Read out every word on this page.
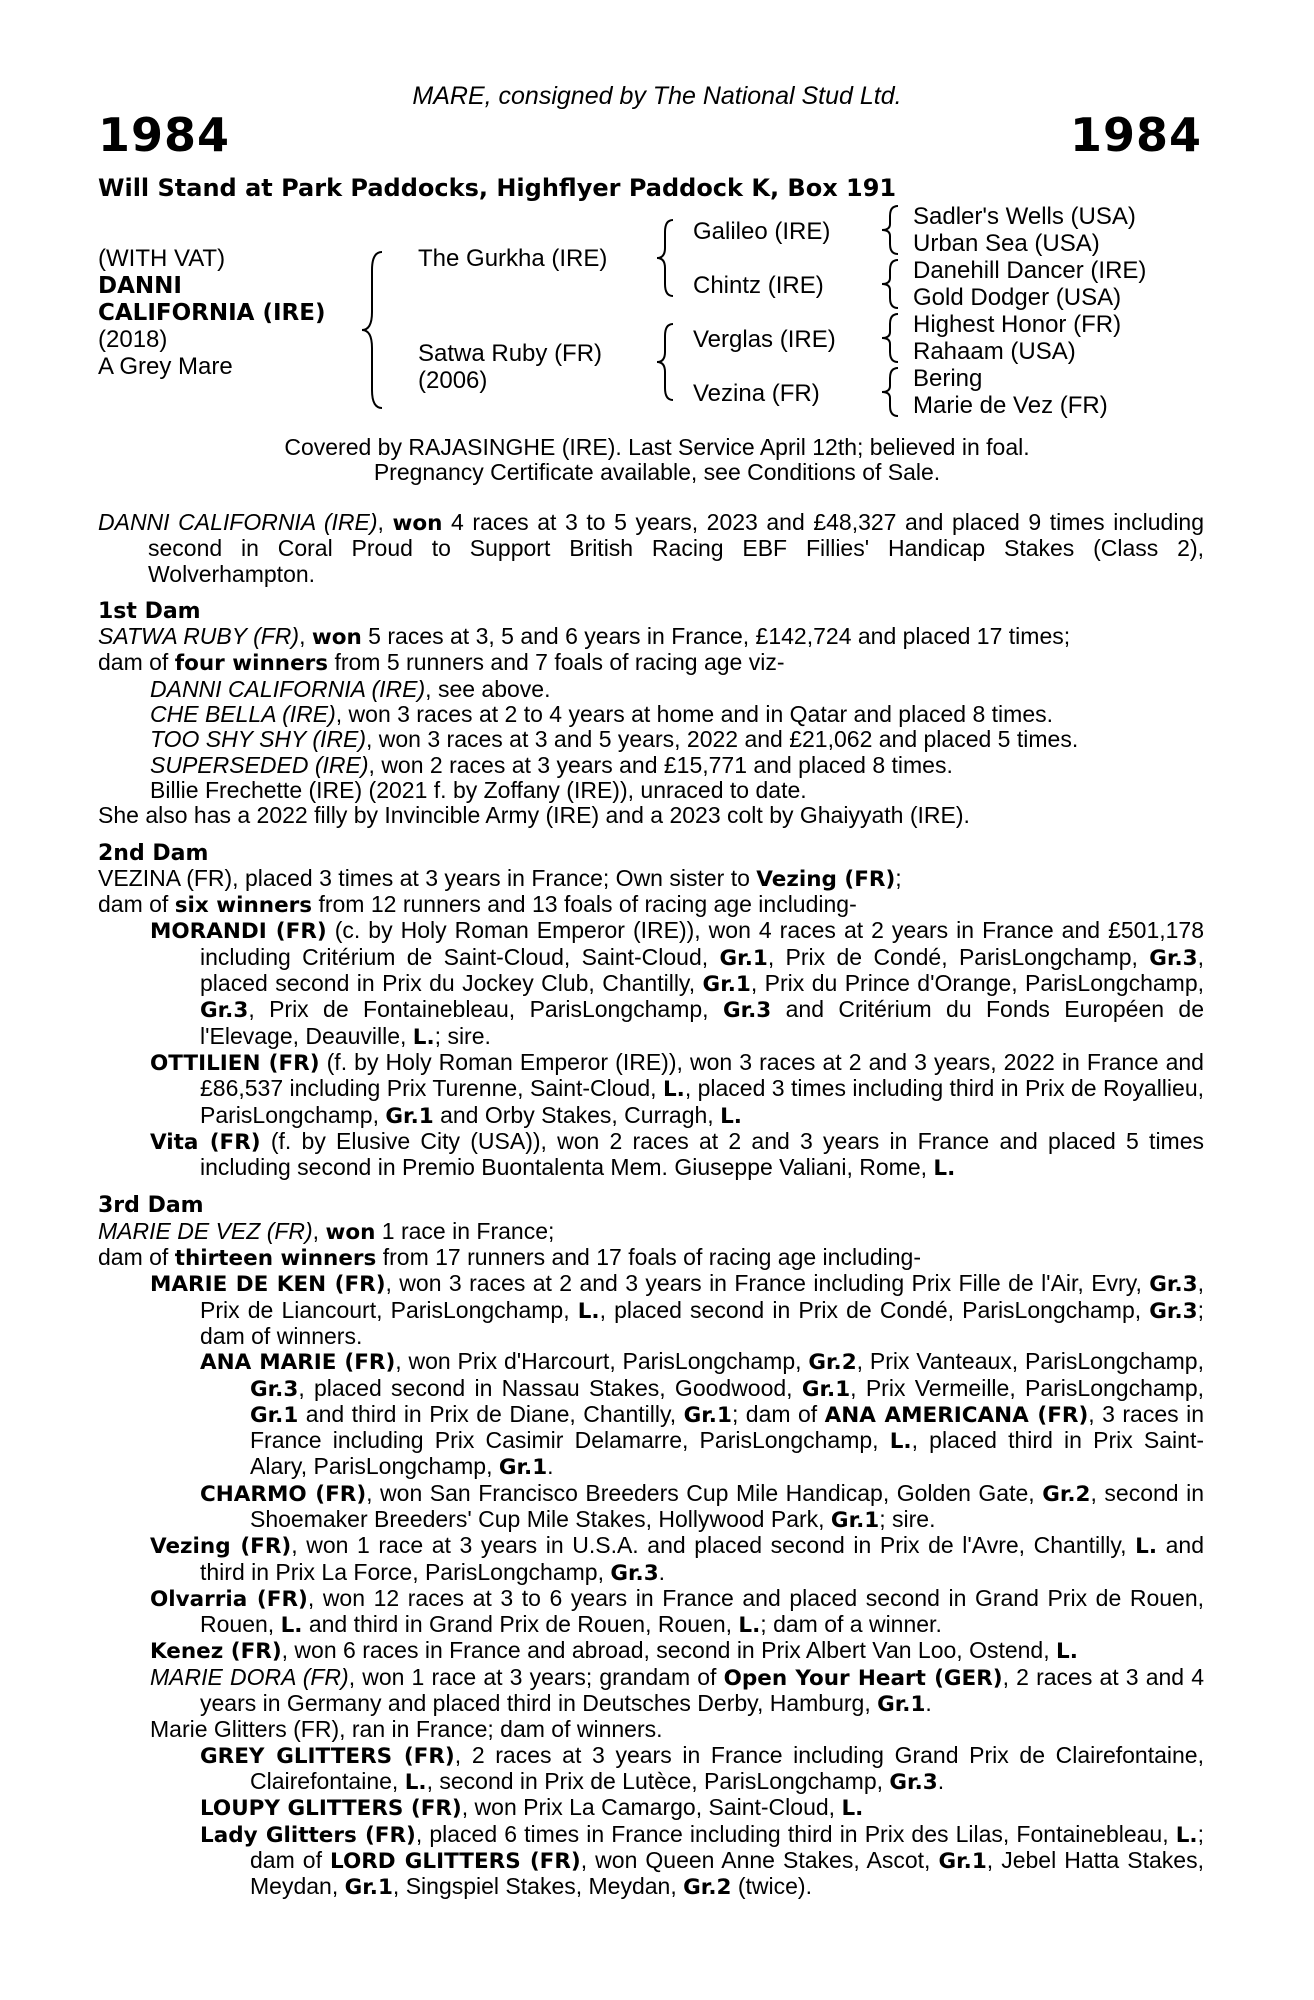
MARE, consigned by The National Stud Ltd.
1984	1984
Will Stand at Park Paddocks, Highflyer Paddock K, Box 191
(WITH VAT)
DANNI
CALIFORNIA (IRE)
(2018)
A Grey Mare
The Gurkha (IRE)
Satwa Ruby (FR)
(2006)
Galileo (IRE)
Chintz (IRE)
Verglas (IRE)
Vezina (FR)
Sadler's Wells (USA)
Urban Sea (USA)
Danehill Dancer (IRE)
Gold Dodger (USA)
Highest Honor (FR)
Rahaam (USA)
Bering
Marie de Vez (FR)
Covered by RAJASINGHE (IRE). Last Service April 12th; believed in foal.
Pregnancy Certificate available, see Conditions of Sale.

DANNI CALIFORNIA (IRE), won 4 races at 3 to 5 years, 2023 and £48,327 and placed 9 times including second in Coral Proud to Support British Racing EBF Fillies' Handicap Stakes (Class 2), Wolverhampton.

1st Dam

SATWA RUBY (FR), won 5 races at 3, 5 and 6 years in France, £142,724 and placed 17 times;

dam of four winners from 5 runners and 7 foals of racing age viz-

DANNI CALIFORNIA (IRE), see above.

CHE BELLA (IRE), won 3 races at 2 to 4 years at home and in Qatar and placed 8 times.

TOO SHY SHY (IRE), won 3 races at 3 and 5 years, 2022 and £21,062 and placed 5 times.

SUPERSEDED (IRE), won 2 races at 3 years and £15,771 and placed 8 times.

Billie Frechette (IRE) (2021 f. by Zoffany (IRE)), unraced to date.

She also has a 2022 filly by Invincible Army (IRE) and a 2023 colt by Ghaiyyath (IRE).

2nd Dam

VEZINA (FR), placed 3 times at 3 years in France; Own sister to Vezing (FR);

dam of six winners from 12 runners and 13 foals of racing age including-

MORANDI (FR) (c. by Holy Roman Emperor (IRE)), won 4 races at 2 years in France and £501,178 including Critérium de Saint-Cloud, Saint-Cloud, Gr.1, Prix de Condé, ParisLongchamp, Gr.3, placed second in Prix du Jockey Club, Chantilly, Gr.1, Prix du Prince d'Orange, ParisLongchamp, Gr.3, Prix de Fontainebleau, ParisLongchamp, Gr.3 and Critérium du Fonds Européen de l'Elevage, Deauville, L.; sire.

OTTILIEN (FR) (f. by Holy Roman Emperor (IRE)), won 3 races at 2 and 3 years, 2022 in France and £86,537 including Prix Turenne, Saint-Cloud, L., placed 3 times including third in Prix de Royallieu, ParisLongchamp, Gr.1 and Orby Stakes, Curragh, L.

Vita (FR) (f. by Elusive City (USA)), won 2 races at 2 and 3 years in France and placed 5 times including second in Premio Buontalenta Mem. Giuseppe Valiani, Rome, L.

3rd Dam

MARIE DE VEZ (FR), won 1 race in France;

dam of thirteen winners from 17 runners and 17 foals of racing age including-

MARIE DE KEN (FR), won 3 races at 2 and 3 years in France including Prix Fille de l'Air, Evry, Gr.3, Prix de Liancourt, ParisLongchamp, L., placed second in Prix de Condé, ParisLongchamp, Gr.3; dam of winners.

ANA MARIE (FR), won Prix d'Harcourt, ParisLongchamp, Gr.2, Prix Vanteaux, ParisLongchamp, Gr.3, placed second in Nassau Stakes, Goodwood, Gr.1, Prix Vermeille, ParisLongchamp, Gr.1 and third in Prix de Diane, Chantilly, Gr.1; dam of ANA AMERICANA (FR), 3 races in France including Prix Casimir Delamarre, ParisLongchamp, L., placed third in Prix Saint-Alary, ParisLongchamp, Gr.1.

CHARMO (FR), won San Francisco Breeders Cup Mile Handicap, Golden Gate, Gr.2, second in Shoemaker Breeders' Cup Mile Stakes, Hollywood Park, Gr.1; sire.

Vezing (FR), won 1 race at 3 years in U.S.A. and placed second in Prix de l'Avre, Chantilly, L. and third in Prix La Force, ParisLongchamp, Gr.3.

Olvarria (FR), won 12 races at 3 to 6 years in France and placed second in Grand Prix de Rouen, Rouen, L. and third in Grand Prix de Rouen, Rouen, L.; dam of a winner.

Kenez (FR), won 6 races in France and abroad, second in Prix Albert Van Loo, Ostend, L.

MARIE DORA (FR), won 1 race at 3 years; grandam of Open Your Heart (GER), 2 races at 3 and 4 years in Germany and placed third in Deutsches Derby, Hamburg, Gr.1.

Marie Glitters (FR), ran in France; dam of winners.

GREY GLITTERS (FR), 2 races at 3 years in France including Grand Prix de Clairefontaine, Clairefontaine, L., second in Prix de Lutèce, ParisLongchamp, Gr.3.

LOUPY GLITTERS (FR), won Prix La Camargo, Saint-Cloud, L.

Lady Glitters (FR), placed 6 times in France including third in Prix des Lilas, Fontainebleau, L.; dam of LORD GLITTERS (FR), won Queen Anne Stakes, Ascot, Gr.1, Jebel Hatta Stakes, Meydan, Gr.1, Singspiel Stakes, Meydan, Gr.2 (twice).
